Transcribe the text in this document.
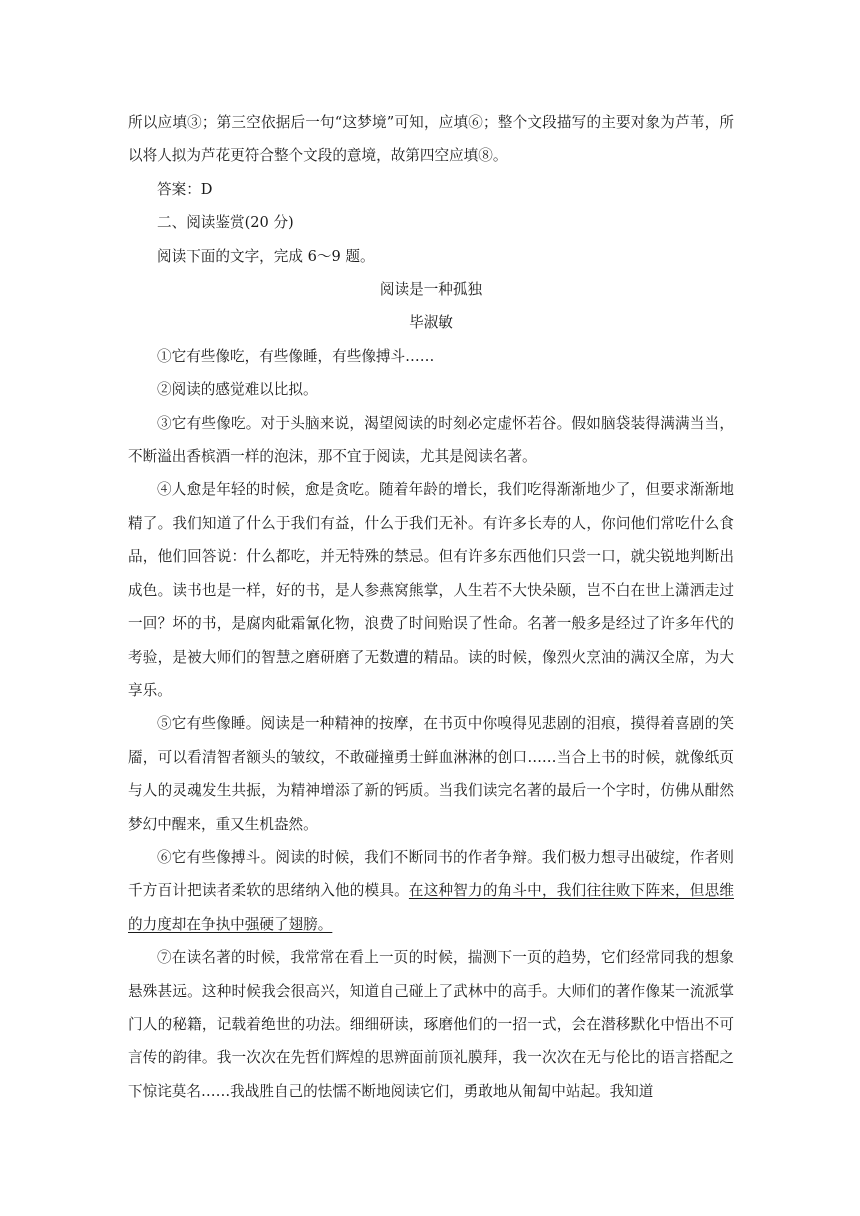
所以应填③；第三空依据后一句“这梦境”可知，应填⑥；整个文段描写的主要对象为芦苇，所以将人拟为芦花更符合整个文段的意境，故第四空应填⑧。

答案：D

二、阅读鉴赏(20 分)

阅读下面的文字，完成 6～9 题。

阅读是一种孤独

毕淑敏

①它有些像吃，有些像睡，有些像搏斗……

②阅读的感觉难以比拟。

③它有些像吃。对于头脑来说，渴望阅读的时刻必定虚怀若谷。假如脑袋装得满满当当，不断溢出香槟酒一样的泡沫，那不宜于阅读，尤其是阅读名著。

④人愈是年轻的时候，愈是贪吃。随着年龄的增长，我们吃得渐渐地少了，但要求渐渐地精了。我们知道了什么于我们有益，什么于我们无补。有许多长寿的人，你问他们常吃什么食品，他们回答说：什么都吃，并无特殊的禁忌。但有许多东西他们只尝一口，就尖锐地判断出成色。读书也是一样，好的书，是人参燕窝熊掌，人生若不大快朵颐，岂不白在世上潇洒走过一回？坏的书，是腐肉砒霜氰化物，浪费了时间贻误了性命。名著一般多是经过了许多年代的考验，是被大师们的智慧之磨研磨了无数遭的精品。读的时候，像烈火烹油的满汉全席，为大享乐。

⑤它有些像睡。阅读是一种精神的按摩，在书页中你嗅得见悲剧的泪痕，摸得着喜剧的笑靥，可以看清智者额头的皱纹，不敢碰撞勇士鲜血淋淋的创口……当合上书的时候，就像纸页与人的灵魂发生共振，为精神增添了新的钙质。当我们读完名著的最后一个字时，仿佛从酣然梦幻中醒来，重又生机盎然。

⑥它有些像搏斗。阅读的时候，我们不断同书的作者争辩。我们极力想寻出破绽，作者则千方百计把读者柔软的思绪纳入他的模具。在这种智力的角斗中，我们往往败下阵来，但思维的力度却在争执中强硬了翅膀。

⑦在读名著的时候，我常常在看上一页的时候，揣测下一页的趋势，它们经常同我的想象悬殊甚远。这种时候我会很高兴，知道自己碰上了武林中的高手。大师们的著作像某一流派掌门人的秘籍，记载着绝世的功法。细细研读，琢磨他们的一招一式，会在潜移默化中悟出不可言传的韵律。我一次次在先哲们辉煌的思辨面前顶礼膜拜，我一次次在无与伦比的语言搭配之下惊诧莫名……我战胜自己的怯懦不断地阅读它们，勇敢地从匍匐中站起。我知道
